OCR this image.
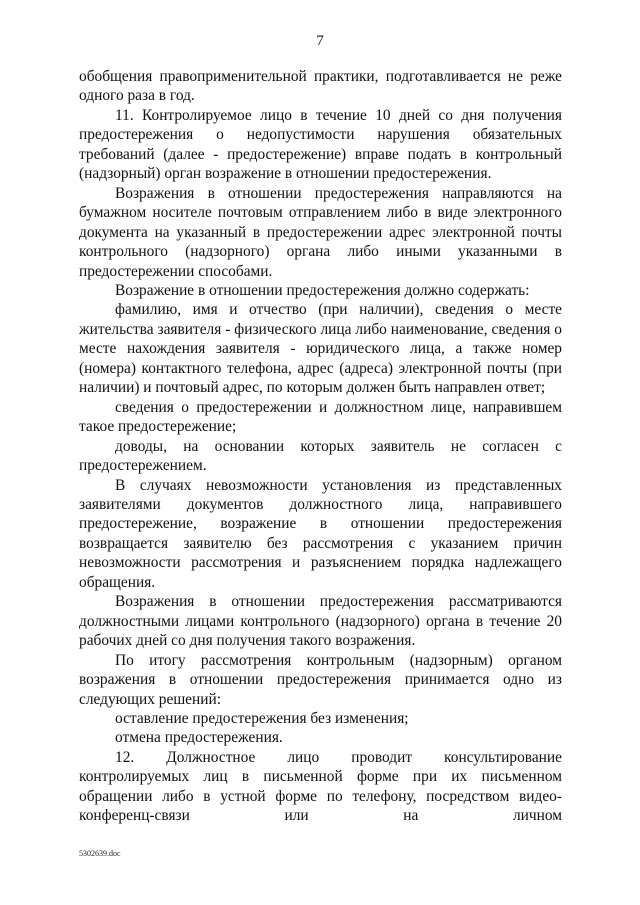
7

обобщения правоприменительной практики, подготавливается не реже одного раза в год.

11. Контролируемое лицо в течение 10 дней со дня получения предостережения о недопустимости нарушения обязательных требований (далее - предостережение) вправе подать в контрольный (надзорный) орган возражение в отношении предостережения.

Возражения в отношении предостережения направляются на бумажном носителе почтовым отправлением либо в виде электронного документа на указанный в предостережении адрес электронной почты контрольного (надзорного) органа либо иными указанными в предостережении способами.

Возражение в отношении предостережения должно содержать:

фамилию, имя и отчество (при наличии), сведения о месте жительства заявителя - физического лица либо наименование, сведения о месте нахождения заявителя - юридического лица, а также номер (номера) контактного телефона, адрес (адреса) электронной почты (при наличии) и почтовый адрес, по которым должен быть направлен ответ;

сведения о предостережении и должностном лице, направившем такое предостережение;

доводы, на основании которых заявитель не согласен с предостережением.

В случаях невозможности установления из представленных заявителями документов должностного лица, направившего предостережение, возражение в отношении предостережения возвращается заявителю без рассмотрения с указанием причин невозможности рассмотрения и разъяснением порядка надлежащего обращения.

Возражения в отношении предостережения рассматриваются должностными лицами контрольного (надзорного) органа в течение 20 рабочих дней со дня получения такого возражения.

По итогу рассмотрения контрольным (надзорным) органом возражения в отношении предостережения принимается одно из следующих решений:

оставление предостережения без изменения;

отмена предостережения.

12. Должностное лицо проводит консультирование контролируемых лиц в письменной форме при их письменном обращении либо в устной форме по телефону, посредством видео-конференц-связи или на личном

5302639.doc
